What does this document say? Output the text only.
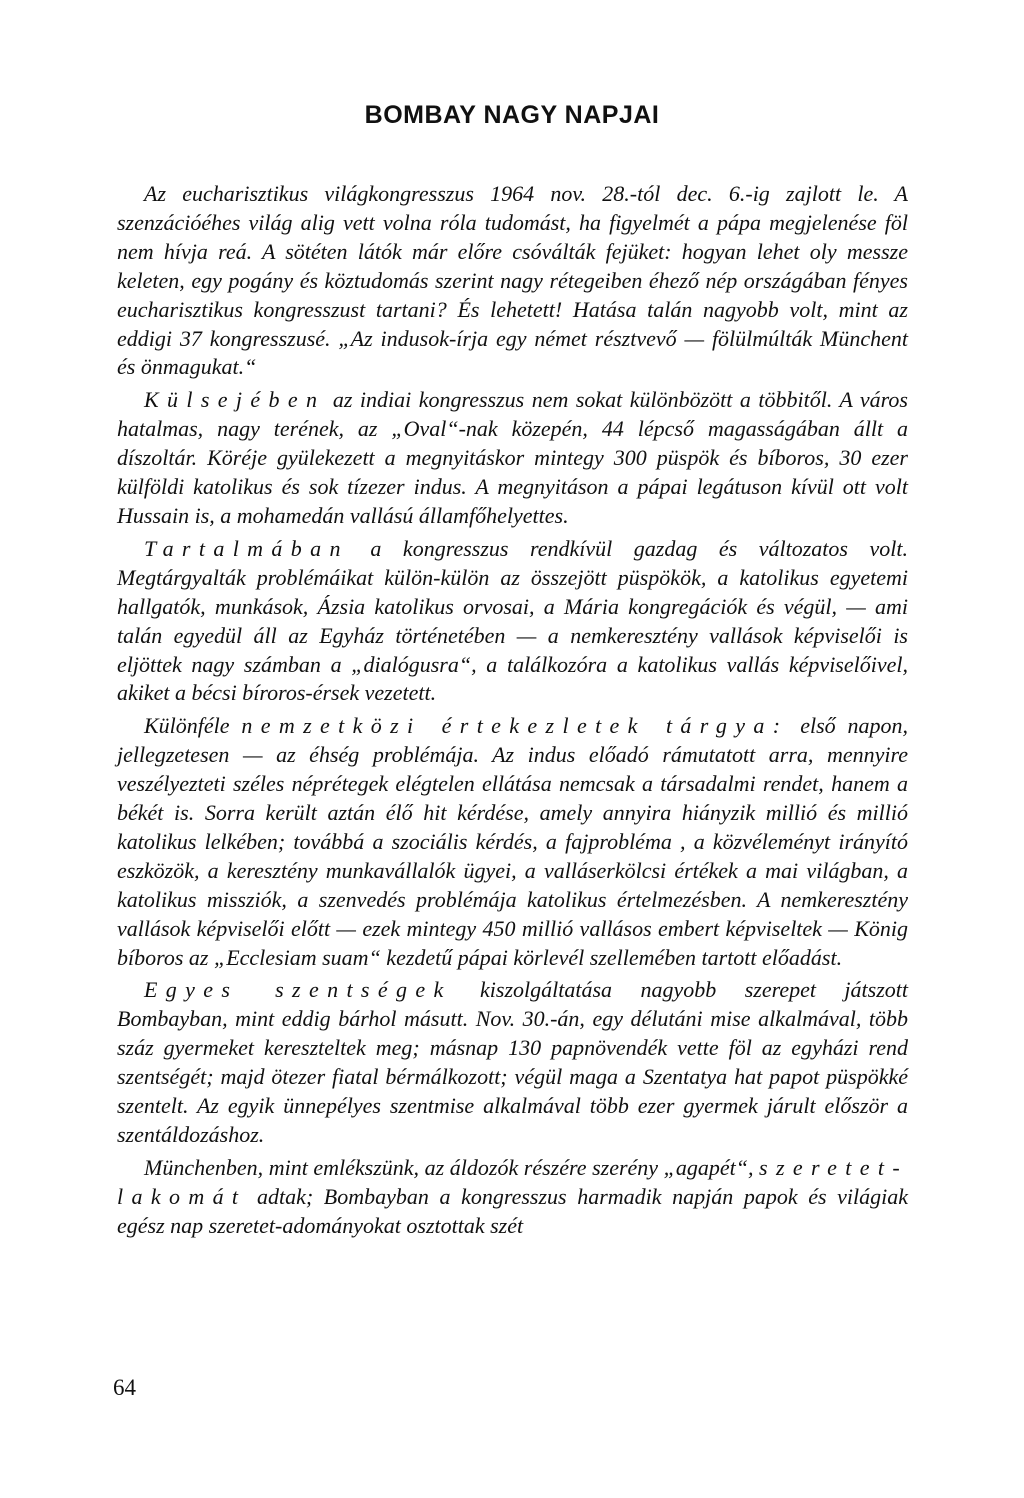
BOMBAY NAGY NAPJAI

Az eucharisztikus világkongresszus 1964 nov. 28.-tól dec. 6.-ig zajlott le. A szenzációéhes világ alig vett volna róla tudomást, ha figyelmét a pápa megjelenése föl nem hívja reá. A sötéten látók már előre csóválták fejüket: hogyan lehet oly messze keleten, egy pogány és köztudomás szerint nagy rétegeiben éhező nép országában fényes eucharisztikus kongresszust tartani? És lehetett! Hatása talán nagyobb volt, mint az eddigi 37 kongresszusé. „Az indusok-írja egy német résztvevő — fölülmúlták Münchent és önmagukat.“

Külsejében az indiai kongresszus nem sokat különbözött a többitől. A város hatalmas, nagy terének, az „Oval“-nak közepén, 44 lépcső magasságában állt a díszoltár. Köréje gyülekezett a megnyitáskor mintegy 300 püspök és bíboros, 30 ezer külföldi katolikus és sok tízezer indus. A megnyitáson a pápai legátuson kívül ott volt Hussain is, a mohamedán vallású államfőhelyettes.

Tartalmában a kongresszus rendkívül gazdag és változatos volt. Megtárgyalták problémáikat külön-külön az összejött püspökök, a katolikus egyetemi hallgatók, munkások, Ázsia katolikus orvosai, a Mária kongregációk és végül, — ami talán egyedül áll az Egyház történetében — a nemkeresztény vallások képviselői is eljöttek nagy számban a „dialógusra“, a találkozóra a katolikus vallás képviselőivel, akiket a bécsi bíroros-érsek vezetett.

Különféle nemzetközi értekezletek tárgya: első napon, jellegzetesen — az éhség problémája. Az indus előadó rámutatott arra, mennyire veszélyezteti széles néprétegek elégtelen ellátása nemcsak a társadalmi rendet, hanem a békét is. Sorra került aztán élő hit kérdése, amely annyira hiányzik millió és millió katolikus lelkében; továbbá a szociális kérdés, a fajprobléma , a közvéleményt irányító eszközök, a keresztény munkavállalók ügyei, a valláserkölcsi értékek a mai világban, a katolikus missziók, a szenvedés problémája katolikus értelmezésben. A nemkeresztény vallások képviselői előtt — ezek mintegy 450 millió vallásos embert képviseltek — König bíboros az „Ecclesiam suam“ kezdetű pápai körlevél szellemében tartott előadást.

Egyes szentségek kiszolgáltatása nagyobb szerepet játszott Bombayban, mint eddig bárhol másutt. Nov. 30.-án, egy délutáni mise alkalmával, több száz gyermeket kereszteltek meg; másnap 130 papnövendék vette föl az egyházi rend szentségét; majd ötezer fiatal bérmálkozott; végül maga a Szentatya hat papot püspökké szentelt. Az egyik ünnepélyes szentmise alkalmával több ezer gyermek járult először a szentáldozáshoz.

Münchenben, mint emlékszünk, az áldozók részére szerény „agapét“, szeretet-lakomát adtak; Bombayban a kongresszus harmadik napján papok és világiak egész nap szeretet-adományokat osztottak szét

64
